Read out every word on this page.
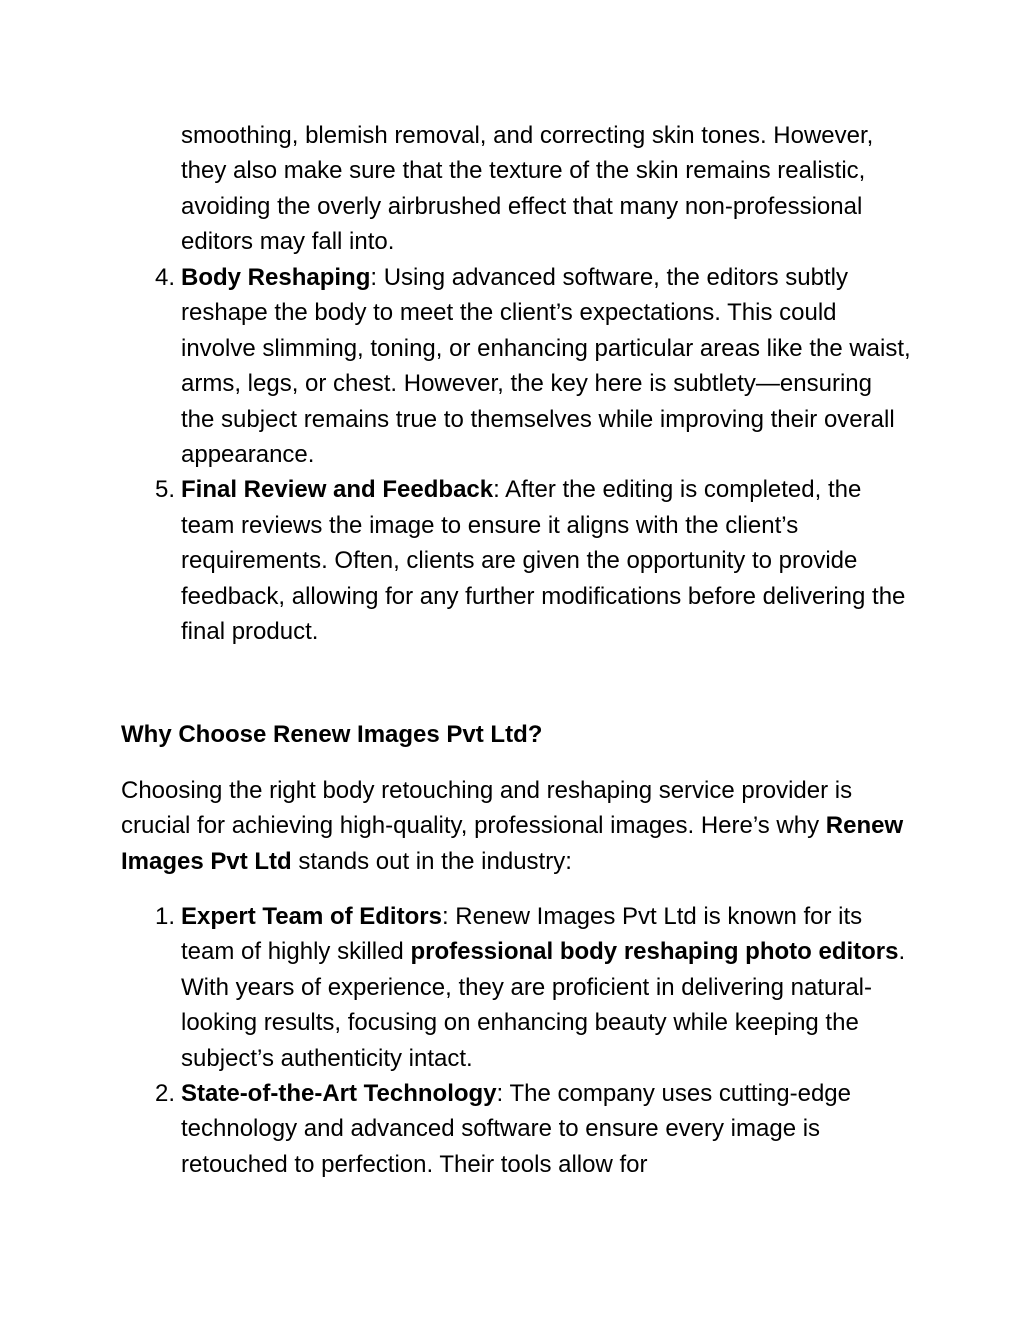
smoothing, blemish removal, and correcting skin tones. However, they also make sure that the texture of the skin remains realistic, avoiding the overly airbrushed effect that many non-professional editors may fall into.

4. Body Reshaping: Using advanced software, the editors subtly reshape the body to meet the client’s expectations. This could involve slimming, toning, or enhancing particular areas like the waist, arms, legs, or chest. However, the key here is subtlety—ensuring the subject remains true to themselves while improving their overall appearance.
5. Final Review and Feedback: After the editing is completed, the team reviews the image to ensure it aligns with the client’s requirements. Often, clients are given the opportunity to provide feedback, allowing for any further modifications before delivering the final product.
Why Choose Renew Images Pvt Ltd?

Choosing the right body retouching and reshaping service provider is crucial for achieving high-quality, professional images. Here’s why Renew Images Pvt Ltd stands out in the industry:

1. Expert Team of Editors: Renew Images Pvt Ltd is known for its team of highly skilled professional body reshaping photo editors. With years of experience, they are proficient in delivering natural-looking results, focusing on enhancing beauty while keeping the subject’s authenticity intact.
2. State-of-the-Art Technology: The company uses cutting-edge technology and advanced software to ensure every image is retouched to perfection. Their tools allow for
